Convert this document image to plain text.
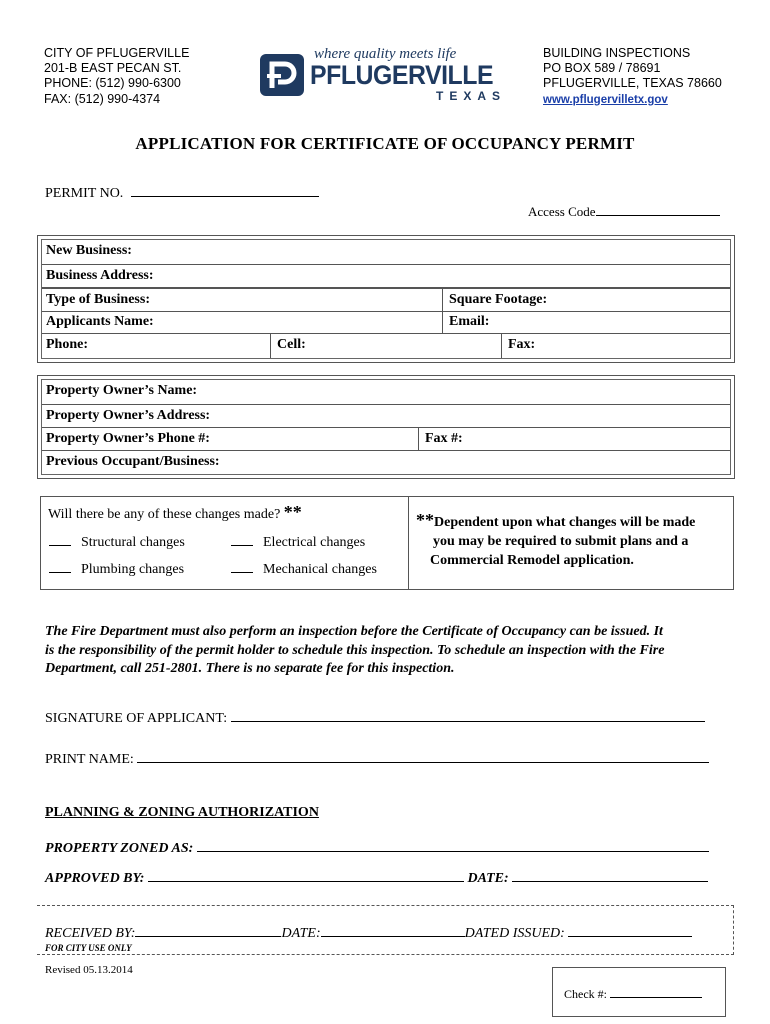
CITY OF PFLUGERVILLE
201-B EAST PECAN ST.
PHONE: (512) 990-6300
FAX: (512) 990-4374
where quality meets life
PFLUGERVILLE
TEXAS
BUILDING INSPECTIONS
PO BOX 589 / 78691
PFLUGERVILLE, TEXAS 78660
www.pflugervilletx.gov
APPLICATION FOR CERTIFICATE OF OCCUPANCY PERMIT
PERMIT NO.
Access Code
New Business:
Business Address:
Type of Business:	Square Footage:
Applicants Name:	Email:
Phone:	Cell:	Fax:
Property Owner’s Name:
Property Owner’s Address:
Property Owner’s Phone #:	Fax #:
Previous Occupant/Business:
Will there be any of these changes made? **
Structural changes	Electrical changes
Plumbing changes	Mechanical changes
**Dependent upon what changes will be made
you may be required to submit plans and a
Commercial Remodel application.
The Fire Department must also perform an inspection before the Certificate of Occupancy can be issued. It
is the responsibility of the permit holder to schedule this inspection. To schedule an inspection with the Fire
Department, call 251-2801. There is no separate fee for this inspection.
SIGNATURE OF APPLICANT:
PRINT NAME:
PLANNING & ZONING AUTHORIZATION
PROPERTY ZONED AS:
APPROVED BY:	DATE:
RECEIVED BY:	DATE:	DATED ISSUED:
FOR CITY USE ONLY
Revised 05.13.2014
Check #:
